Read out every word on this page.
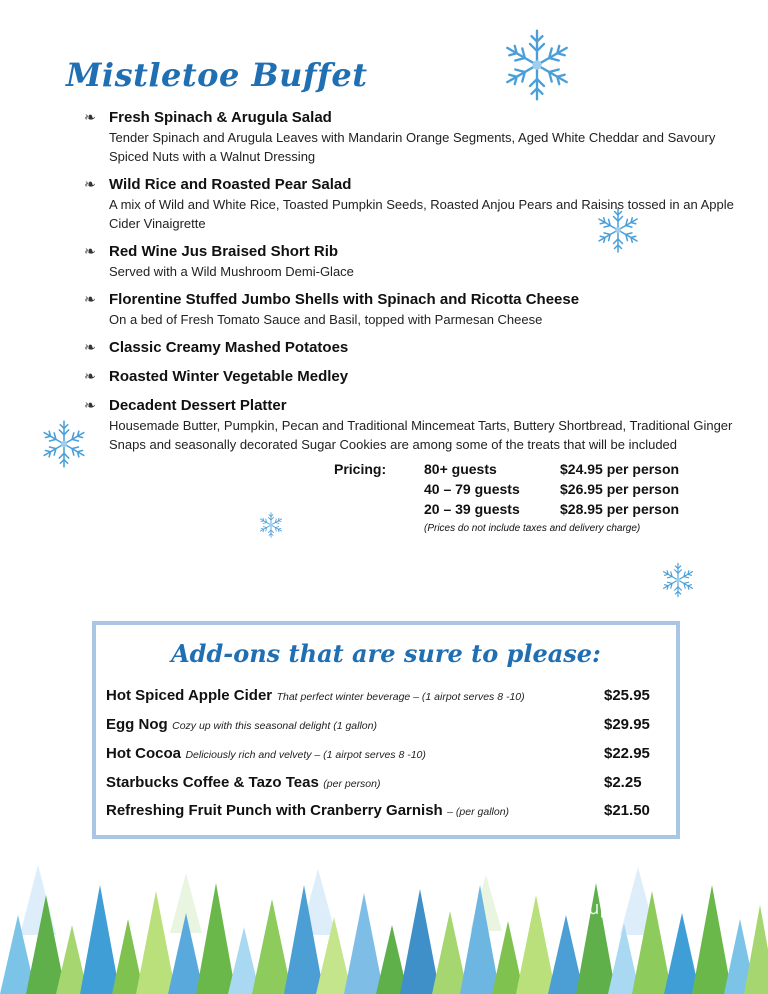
Mistletoe Buffet
❧ Fresh Spinach & Arugula Salad
Tender Spinach and Arugula Leaves with Mandarin Orange Segments, Aged White Cheddar and Savoury Spiced Nuts with a Walnut Dressing
❧ Wild Rice and Roasted Pear Salad
A mix of Wild and White Rice, Toasted Pumpkin Seeds, Roasted Anjou Pears and Raisins tossed in an Apple Cider Vinaigrette
❧ Red Wine Jus Braised Short Rib
Served with a Wild Mushroom Demi-Glace
❧ Florentine Stuffed Jumbo Shells with Spinach and Ricotta Cheese
On a bed of Fresh Tomato Sauce and Basil, topped with Parmesan Cheese
❧ Classic Creamy Mashed Potatoes
❧ Roasted Winter Vegetable Medley
❧ Decadent Dessert Platter
Housemade Butter, Pumpkin, Pecan and Traditional Mincemeat Tarts, Buttery Shortbread, Traditional Ginger Snaps and seasonally decorated Sugar Cookies are among some of the treats that will be included
Pricing:	80+ guests	$24.95 per person
40 – 79 guests	$26.95 per person
20 – 39 guests	$28.95 per person
(Prices do not include taxes and delivery charge)
Add-ons that are sure to please:
Hot Spiced Apple Cider That perfect winter beverage – (1 airpot serves 8 -10)	$25.95
Egg Nog Cozy up with this seasonal delight (1 gallon)	$29.95
Hot Cocoa Deliciously rich and velvety – (1 airpot serves 8 -10)	$22.95
Starbucks Coffee & Tazo Teas (per person)	$2.25
Refreshing Fruit Punch with Cranberry Garnish – (per gallon)	$21.50
menupix
